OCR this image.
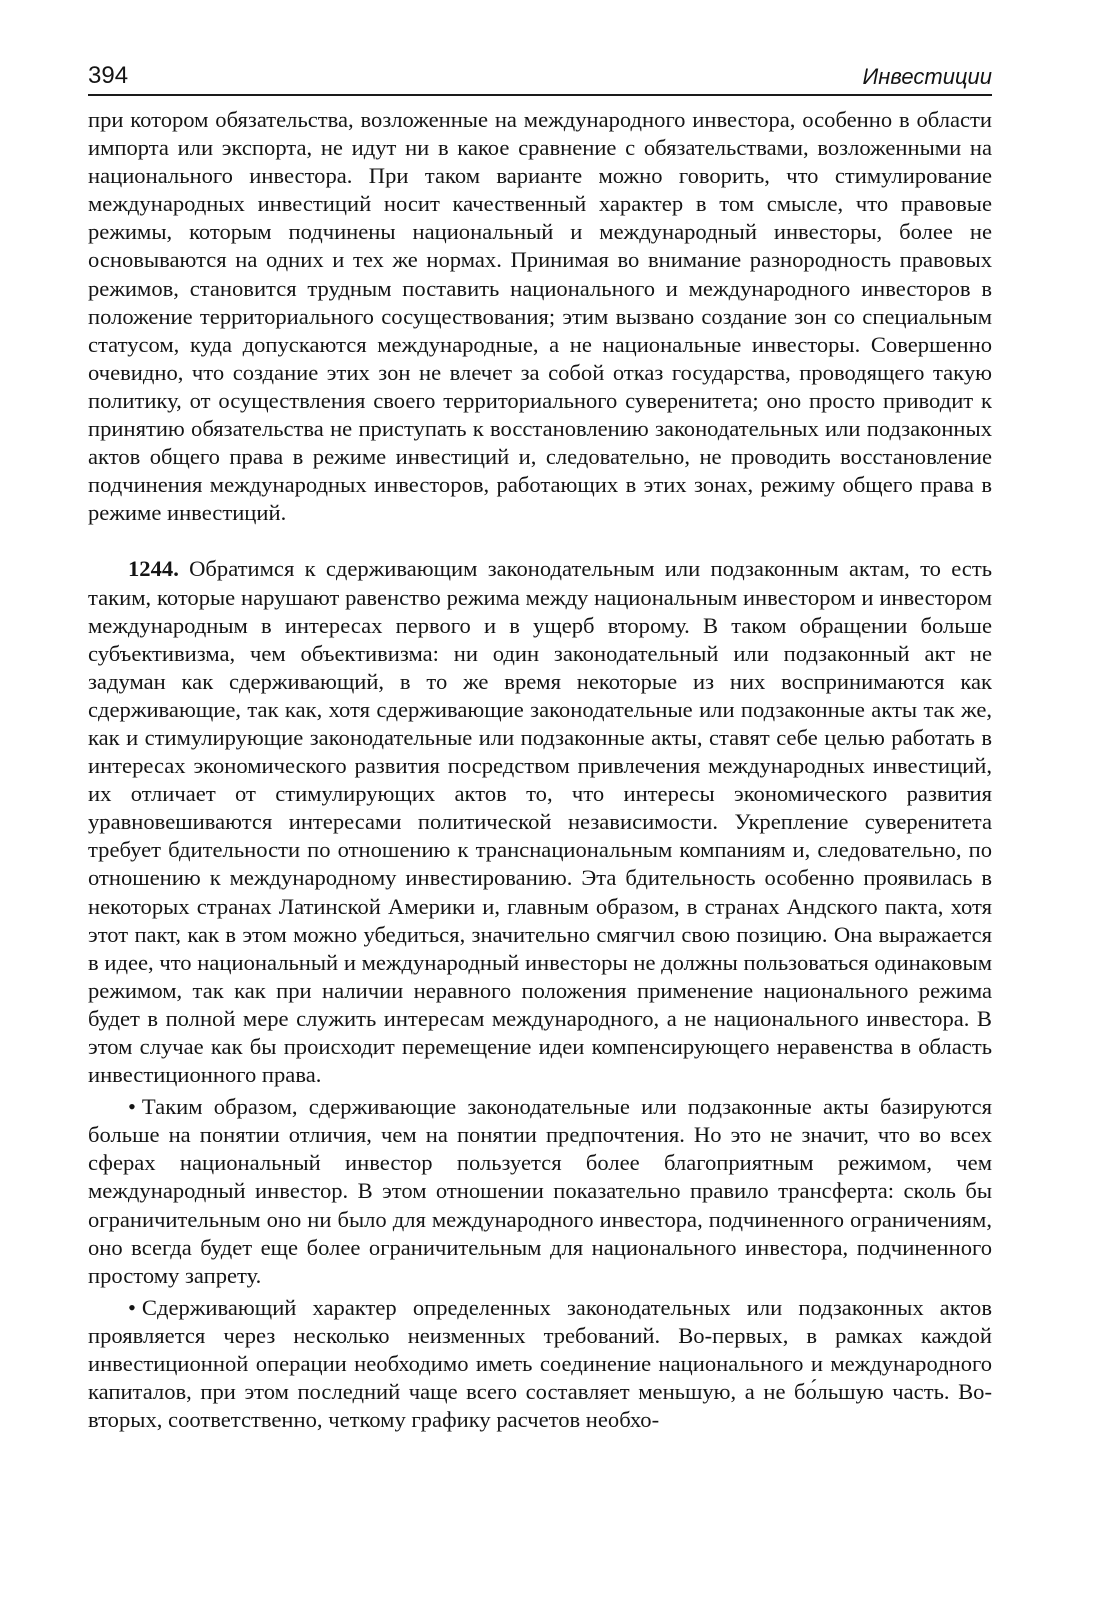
394	Инвестиции

при котором обязательства, возложенные на международного инвестора, особенно в области импорта или экспорта, не идут ни в какое сравнение с обязательствами, возложенными на национального инвестора. При таком варианте можно говорить, что стимулирование международных инвестиций носит качественный характер в том смысле, что правовые режимы, которым подчинены национальный и международный инвесторы, более не основываются на одних и тех же нормах. Принимая во внимание разнородность правовых режимов, становится трудным поставить национального и международного инвесторов в положение территориального сосуществования; этим вызвано создание зон со специальным статусом, куда допускаются международные, а не национальные инвесторы. Совершенно очевидно, что создание этих зон не влечет за собой отказ государства, проводящего такую политику, от осуществления своего территориального суверенитета; оно просто приводит к принятию обязательства не приступать к восстановлению законодательных или подзаконных актов общего права в режиме инвестиций и, следовательно, не проводить восстановление подчинения международных инвесторов, работающих в этих зонах, режиму общего права в режиме инвестиций.

1244. Обратимся к сдерживающим законодательным или подзаконным актам, то есть таким, которые нарушают равенство режима между национальным инвестором и инвестором международным в интересах первого и в ущерб второму. В таком обращении больше субъективизма, чем объективизма: ни один законодательный или подзаконный акт не задуман как сдерживающий, в то же время некоторые из них воспринимаются как сдерживающие, так как, хотя сдерживающие законодательные или подзаконные акты так же, как и стимулирующие законодательные или подзаконные акты, ставят себе целью работать в интересах экономического развития посредством привлечения международных инвестиций, их отличает от стимулирующих актов то, что интересы экономического развития уравновешиваются интересами политической независимости. Укрепление суверенитета требует бдительности по отношению к транснациональным компаниям и, следовательно, по отношению к международному инвестированию. Эта бдительность особенно проявилась в некоторых странах Латинской Америки и, главным образом, в странах Андского пакта, хотя этот пакт, как в этом можно убедиться, значительно смягчил свою позицию. Она выражается в идее, что национальный и международный инвесторы не должны пользоваться одинаковым режимом, так как при наличии неравного положения применение национального режима будет в полной мере служить интересам международного, а не национального инвестора. В этом случае как бы происходит перемещение идеи компенсирующего неравенства в область инвестиционного права.

• Таким образом, сдерживающие законодательные или подзаконные акты базируются больше на понятии отличия, чем на понятии предпочтения. Но это не значит, что во всех сферах национальный инвестор пользуется более благоприятным режимом, чем международный инвестор. В этом отношении показательно правило трансферта: сколь бы ограничительным оно ни было для международного инвестора, подчиненного ограничениям, оно всегда будет еще более ограничительным для национального инвестора, подчиненного простому запрету.

• Сдерживающий характер определенных законодательных или подзаконных актов проявляется через несколько неизменных требований. Во-первых, в рамках каждой инвестиционной операции необходимо иметь соединение национального и международного капиталов, при этом последний чаще всего составляет меньшую, а не бо́льшую часть. Во-вторых, соответственно, четкому графику расчетов необхо-
